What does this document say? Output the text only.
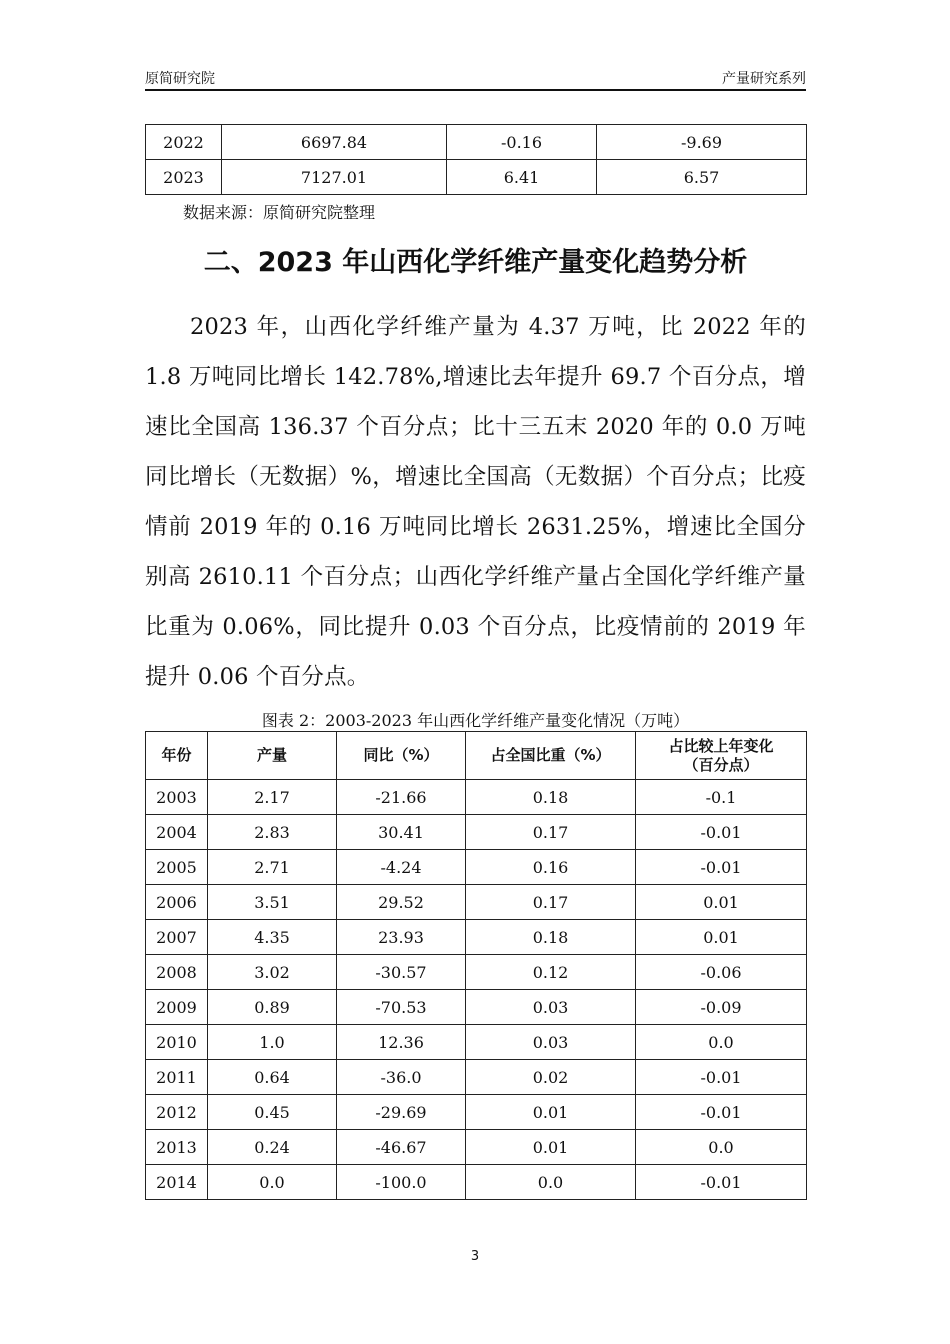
原简研究院	产量研究系列
2022	6697.84	-0.16	-9.69
2023	7127.01	6.41	6.57
数据来源：原简研究院整理
二、2023 年山西化学纤维产量变化趋势分析
2023 年，山西化学纤维产量为 4.37 万吨，比 2022 年的 1.8 万吨同比增长 142.78%,增速比去年提升 69.7 个百分点，增速比全国高 136.37 个百分点；比十三五末 2020 年的 0.0 万吨同比增长（无数据）%，增速比全国高（无数据）个百分点；比疫情前 2019 年的 0.16 万吨同比增长 2631.25%，增速比全国分别高 2610.11 个百分点；山西化学纤维产量占全国化学纤维产量比重为 0.06%，同比提升 0.03 个百分点，比疫情前的 2019 年提升 0.06 个百分点。
图表 2：2003-2023 年山西化学纤维产量变化情况（万吨）
年份	产量	同比（%）	占全国比重（%）	占比较上年变化
（百分点）
2003	2.17	-21.66	0.18	-0.1
2004	2.83	30.41	0.17	-0.01
2005	2.71	-4.24	0.16	-0.01
2006	3.51	29.52	0.17	0.01
2007	4.35	23.93	0.18	0.01
2008	3.02	-30.57	0.12	-0.06
2009	0.89	-70.53	0.03	-0.09
2010	1.0	12.36	0.03	0.0
2011	0.64	-36.0	0.02	-0.01
2012	0.45	-29.69	0.01	-0.01
2013	0.24	-46.67	0.01	0.0
2014	0.0	-100.0	0.0	-0.01
3
